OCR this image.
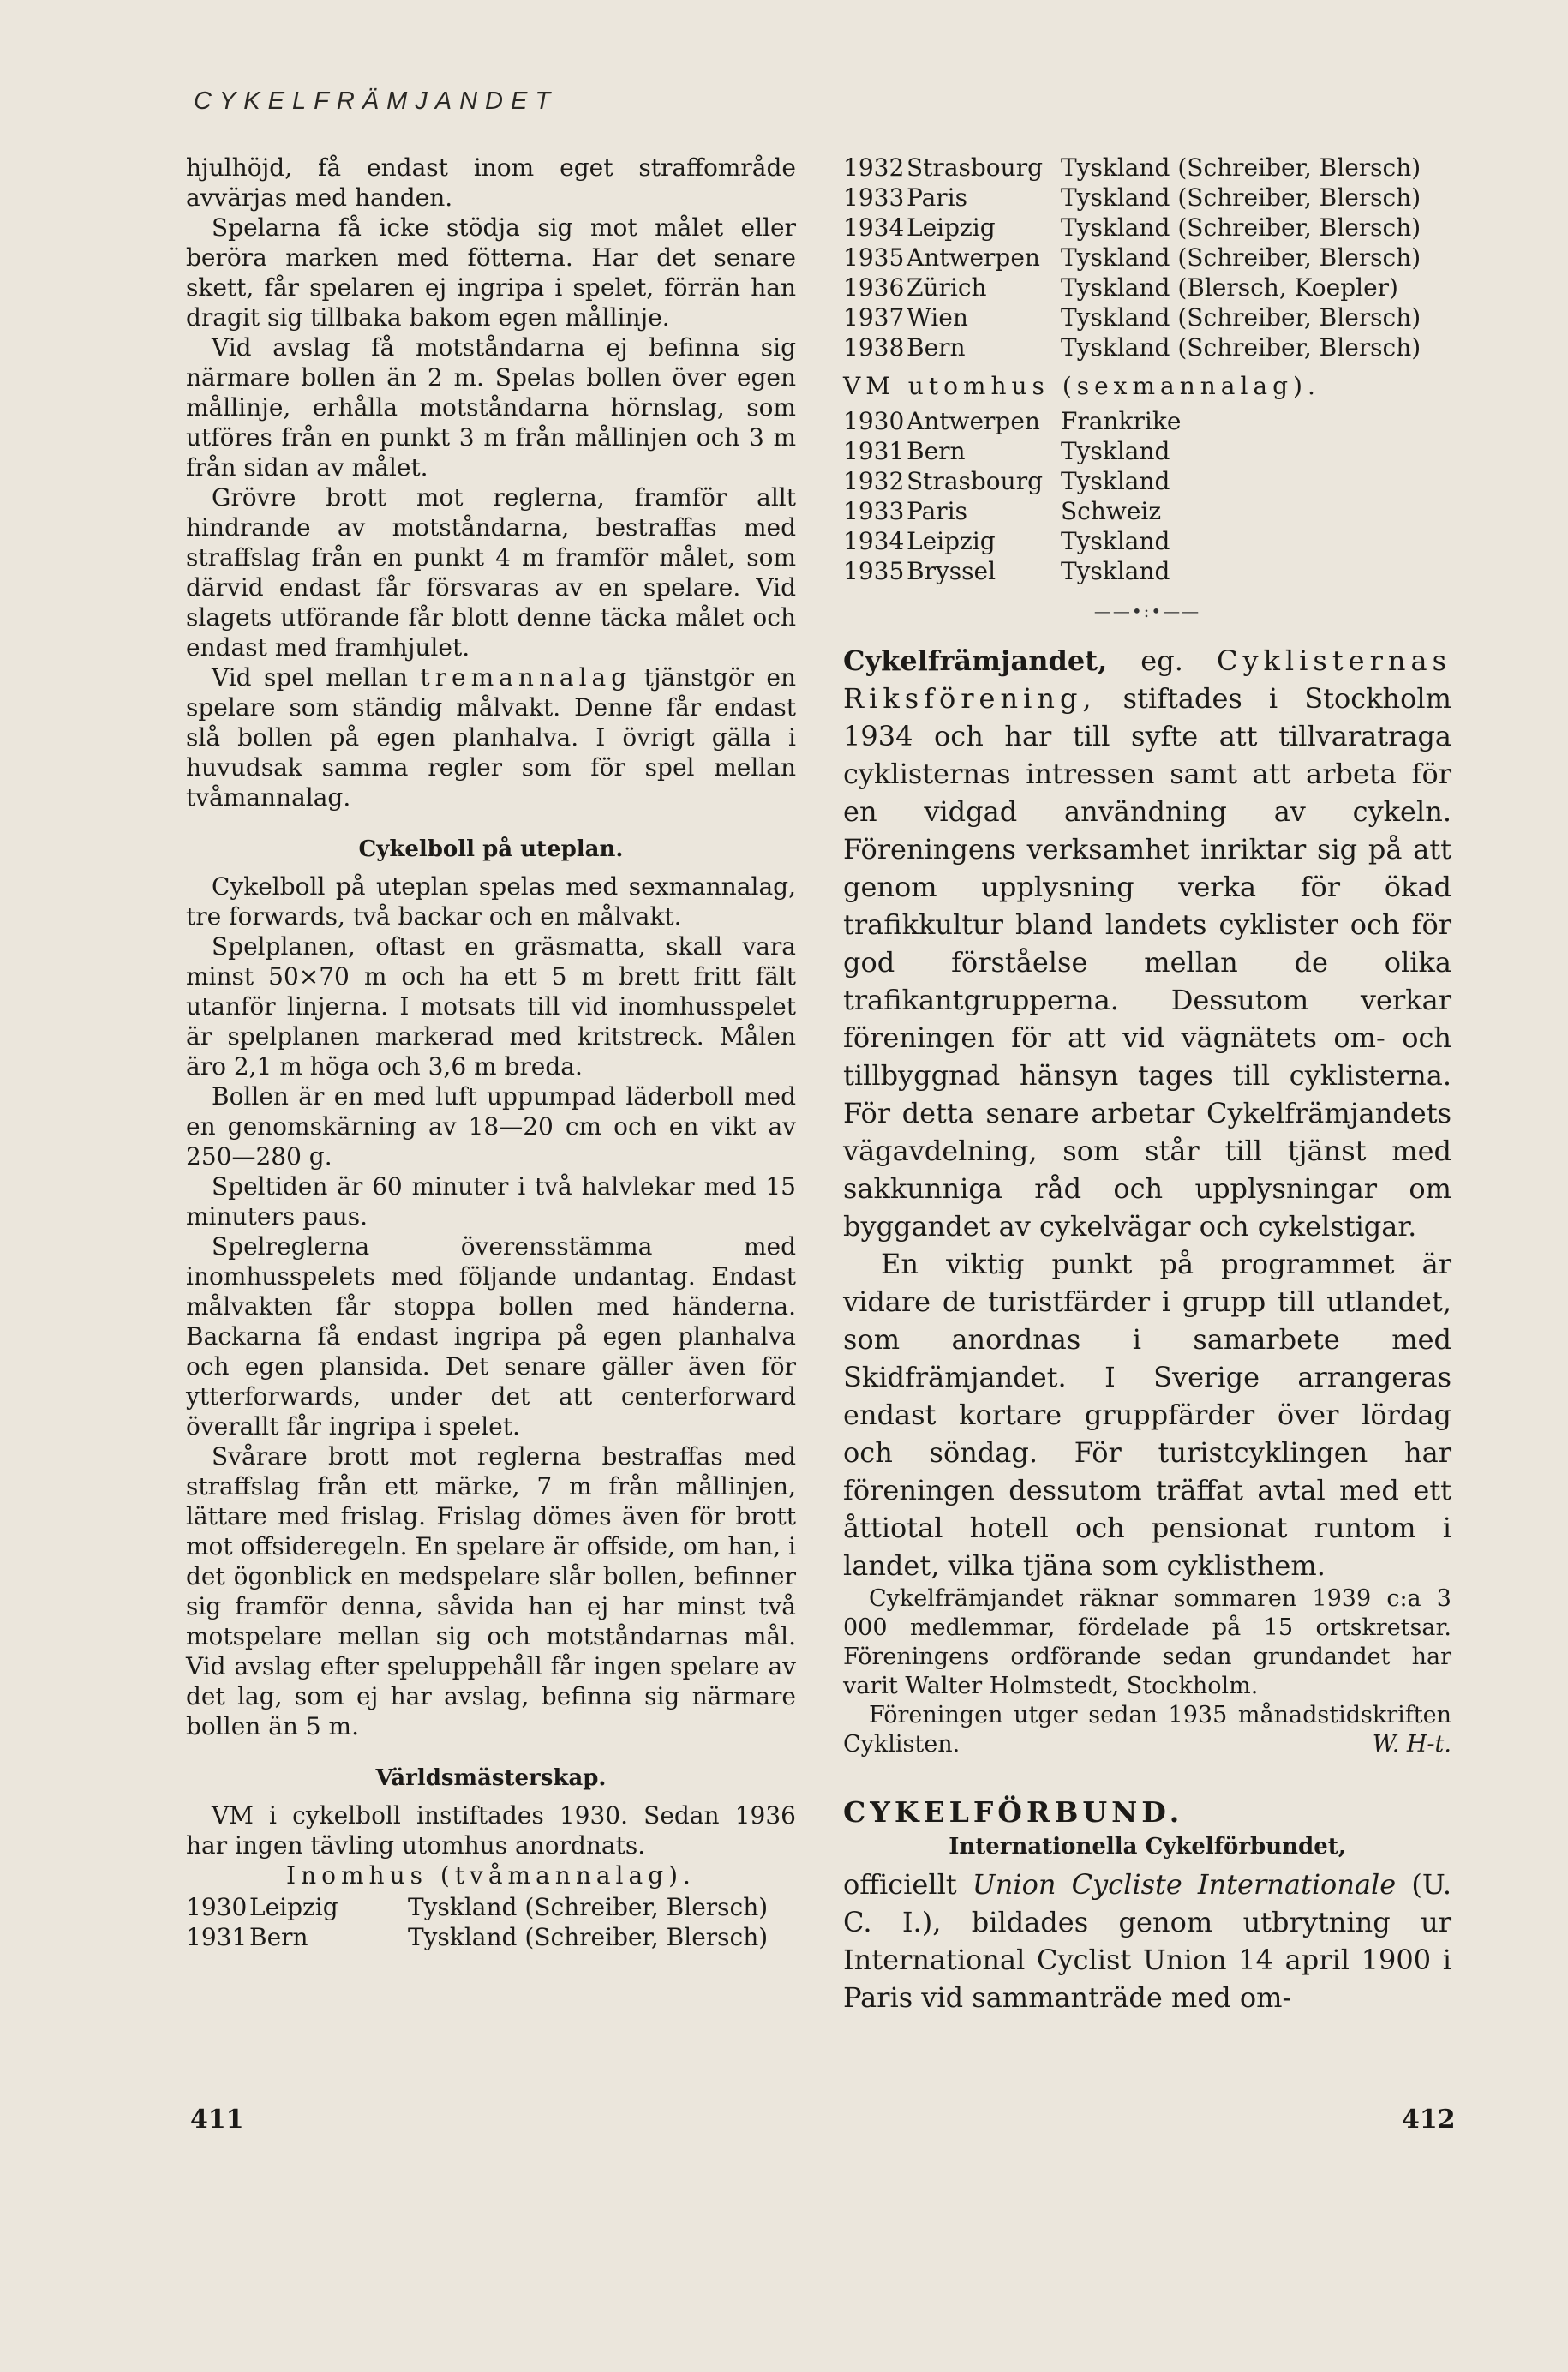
CYKELFRÄMJANDET

hjulhöjd, få endast inom eget straffområde avvärjas med handen.

Spelarna få icke stödja sig mot målet eller beröra marken med fötterna. Har det senare skett, får spelaren ej ingripa i spelet, förrän han dragit sig tillbaka bakom egen mållinje.

Vid avslag få motståndarna ej befinna sig närmare bollen än 2 m. Spelas bollen över egen mållinje, erhålla motståndarna hörnslag, som utföres från en punkt 3 m från mållinjen och 3 m från sidan av målet.

Grövre brott mot reglerna, framför allt hindrande av motståndarna, bestraffas med straffslag från en punkt 4 m framför målet, som därvid endast får försvaras av en spelare. Vid slagets utförande får blott denne täcka målet och endast med framhjulet.

Vid spel mellan tremannalag tjänstgör en spelare som ständig målvakt. Denne får endast slå bollen på egen planhalva. I övrigt gälla i huvudsak samma regler som för spel mellan tvåmannalag.

Cykelboll på uteplan.

Cykelboll på uteplan spelas med sexmannalag, tre forwards, två backar och en målvakt.

Spelplanen, oftast en gräsmatta, skall vara minst 50×70 m och ha ett 5 m brett fritt fält utanför linjerna. I motsats till vid inomhusspelet är spelplanen markerad med kritstreck. Målen äro 2,1 m höga och 3,6 m breda.

Bollen är en med luft uppumpad läderboll med en genomskärning av 18—20 cm och en vikt av 250—280 g.

Speltiden är 60 minuter i två halvlekar med 15 minuters paus.

Spelreglerna överensstämma med inomhusspelets med följande undantag. Endast målvakten får stoppa bollen med händerna. Backarna få endast ingripa på egen planhalva och egen plansida. Det senare gäller även för ytterforwards, under det att centerforward överallt får ingripa i spelet.

Svårare brott mot reglerna bestraffas med straffslag från ett märke, 7 m från mållinjen, lättare med frislag. Frislag dömes även för brott mot offsideregeln. En spelare är offside, om han, i det ögonblick en medspelare slår bollen, befinner sig framför denna, såvida han ej har minst två motspelare mellan sig och motståndarnas mål. Vid avslag efter speluppehåll får ingen spelare av det lag, som ej har avslag, befinna sig närmare bollen än 5 m.

Världsmästerskap.

VM i cykelboll instiftades 1930. Sedan 1936 har ingen tävling utomhus anordnats.

Inomhus (tvåmannalag).
1930	Leipzig	Tyskland (Schreiber, Blersch)
1931	Bern	Tyskland (Schreiber, Blersch)
1932	Strasbourg	Tyskland (Schreiber, Blersch)
1933	Paris	Tyskland (Schreiber, Blersch)
1934	Leipzig	Tyskland (Schreiber, Blersch)
1935	Antwerpen	Tyskland (Schreiber, Blersch)
1936	Zürich	Tyskland (Blersch, Koepler)
1937	Wien	Tyskland (Schreiber, Blersch)
1938	Bern	Tyskland (Schreiber, Blersch)
VM utomhus (sexmannalag).
1930	Antwerpen	Frankrike
1931	Bern	Tyskland
1932	Strasbourg	Tyskland
1933	Paris	Schweiz
1934	Leipzig	Tyskland
1935	Bryssel	Tyskland
——•:•——

Cykelfrämjandet, eg. Cyklisternas Riksförening, stiftades i Stockholm 1934 och har till syfte att tillvaratraga cyklisternas intressen samt att arbeta för en vidgad användning av cykeln. Föreningens verksamhet inriktar sig på att genom upplysning verka för ökad trafikkultur bland landets cyklister och för god förståelse mellan de olika trafikantgrupperna. Dessutom verkar föreningen för att vid vägnätets om- och tillbyggnad hänsyn tages till cyklisterna. För detta senare arbetar Cykelfrämjandets vägavdelning, som står till tjänst med sakkunniga råd och upplysningar om byggandet av cykelvägar och cykelstigar.

En viktig punkt på programmet är vidare de turistfärder i grupp till utlandet, som anordnas i samarbete med Skidfrämjandet. I Sverige arrangeras endast kortare gruppfärder över lördag och söndag. För turistcyklingen har föreningen dessutom träffat avtal med ett åttiotal hotell och pensionat runtom i landet, vilka tjäna som cyklisthem.

Cykelfrämjandet räknar sommaren 1939 c:a 3 000 medlemmar, fördelade på 15 ortskretsar. Föreningens ordförande sedan grundandet har varit Walter Holmstedt, Stockholm.

Föreningen utger sedan 1935 månadstidskriften Cyklisten.	W. H-t.

CYKELFÖRBUND.
Internationella Cykelförbundet,

officiellt Union Cycliste Internationale (U. C. I.), bildades genom utbrytning ur International Cyclist Union 14 april 1900 i Paris vid sammanträde med om-

411	412
